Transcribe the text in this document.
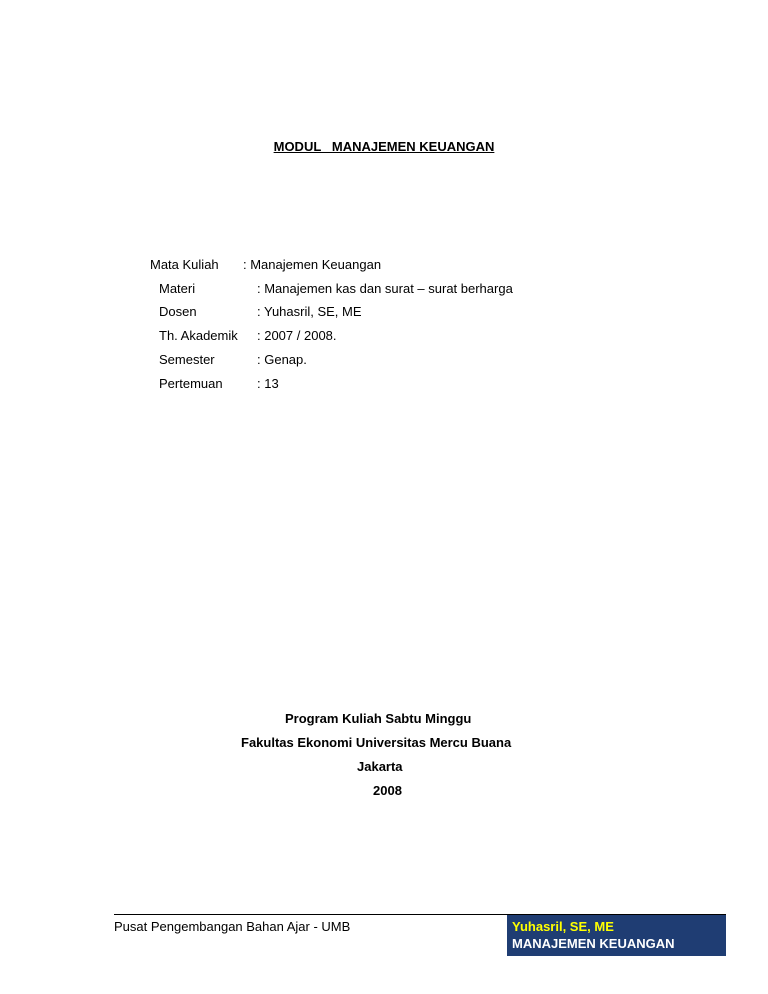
MODUL   MANAJEMEN KEUANGAN
Mata Kuliah : Manajemen Keuangan
Materi	: Manajemen kas dan surat – surat berharga
Dosen	: Yuhasril, SE, ME
Th. Akademik : 2007 / 2008.
Semester	: Genap.
Pertemuan	: 13
Program Kuliah Sabtu Minggu
Fakultas Ekonomi Universitas Mercu Buana
Jakarta
2008
Pusat Pengembangan Bahan Ajar - UMB	Yuhasril, SE, ME
MANAJEMEN KEUANGAN
